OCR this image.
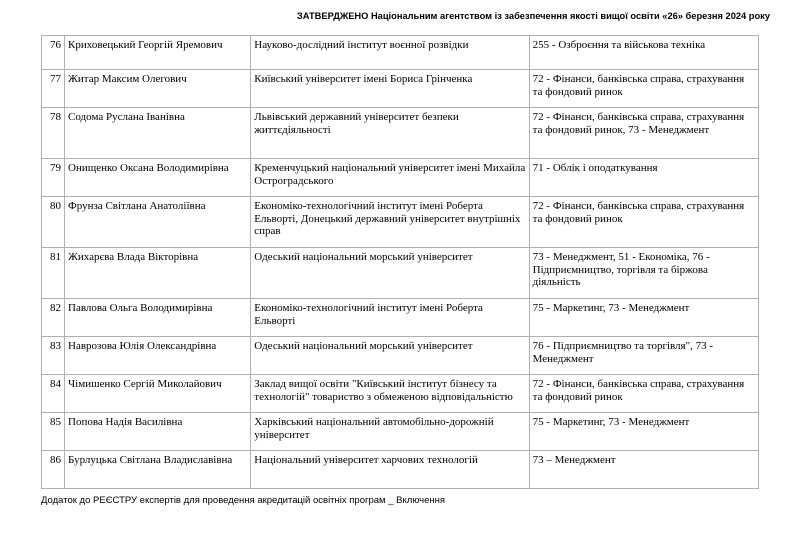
ЗАТВЕРДЖЕНО Національним агентством із забезпечення якості вищої освіти «26» березня 2024 року
76	Криховецький Георгій Яремович	Науково-дослідний інститут воєнної розвідки	255 - Озброєння та військова техніка
77	Житар Максим Олегович	Київський університет імені Бориса Грінченка	72 - Фінанси, банківська справа, страхування та фондовий ринок
78	Содома Руслана Іванівна	Львівський державний університет безпеки життєдіяльності	72 - Фінанси, банківська справа, страхування та фондовий ринок, 73 - Менеджмент
79	Онищенко Оксана Володимирівна	Кременчуцький національний університет імені Михайла Остроградського	71 - Облік і оподаткування
80	Фрунза Світлана Анатоліївна	Економіко-технологічний інститут імені Роберта Ельворті, Донецький державний університет внутрішніх справ	72 - Фінанси, банківська справа, страхування та фондовий ринок
81	Жихарєва Влада Вікторівна	Одеський національний морський університет	73 - Менеджмент, 51 - Економіка, 76 - Підприємництво, торгівля та біржова діяльність
82	Павлова Ольга Володимирівна	Економіко-технологічний інститут імені Роберта Ельворті	75 - Маркетинг, 73 - Менеджмент
83	Наврозова Юлія Олександрівна	Одеський національний морський університет	76 - Підприємництво та торгівля", 73 - Менеджмент
84	Чімишенко Сергій Миколайович	Заклад вищої освіти "Київський інститут бізнесу та технологій" товариство з обмеженою відповідальністю	72 - Фінанси, банківська справа, страхування та фондовий ринок
85	Попова Надія Василівна	Харківський національний автомобільно-дорожній університет	75 - Маркетинг, 73 - Менеджмент
86	Бурлуцька Світлана Владиславівна	Національний університет харчових технологій	73 – Менеджмент
Додаток до РЕЄСТРУ експертів для проведення акредитацій освітніх програм _ Включення
